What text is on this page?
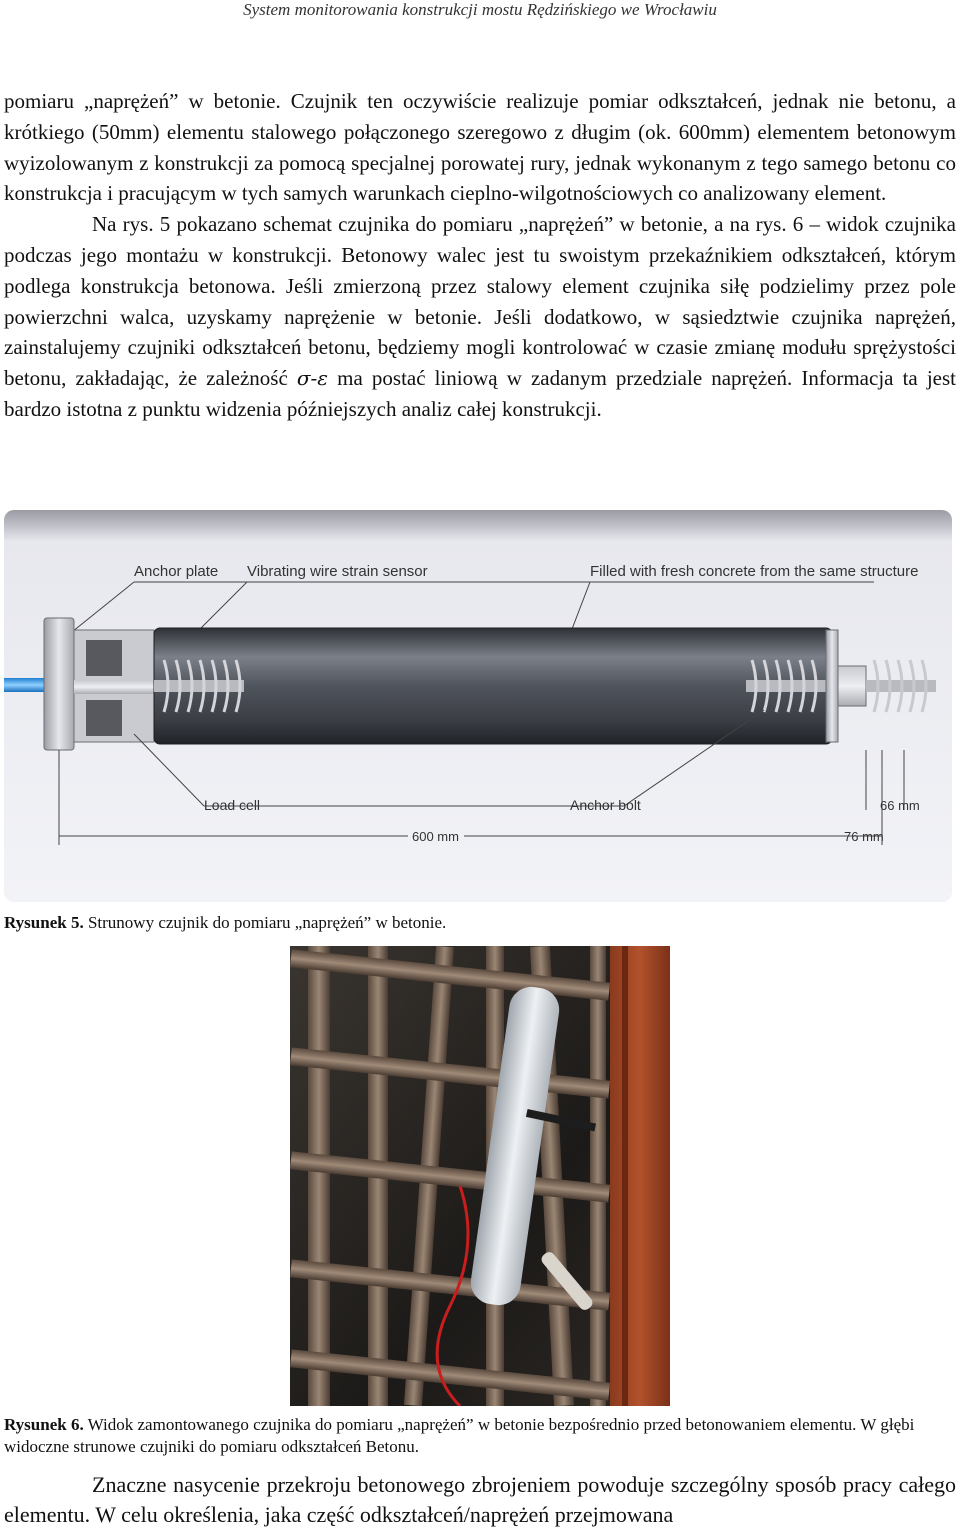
System monitorowania konstrukcji mostu Rędzińskiego we Wrocławiu

pomiaru „naprężeń” w betonie. Czujnik ten oczywiście realizuje pomiar odkształceń, jednak nie betonu, a krótkiego (50mm) elementu stalowego połączonego szeregowo z długim (ok. 600mm) elementem betonowym wyizolowanym z konstrukcji za pomocą specjalnej porowatej rury, jednak wykonanym z tego samego betonu co konstrukcja i pracującym w tych samych warunkach cieplno-wilgotnościowych co analizowany element.

Na rys. 5 pokazano schemat czujnika do pomiaru „naprężeń” w betonie, a na rys. 6 – widok czujnika podczas jego montażu w konstrukcji. Betonowy walec jest tu swoistym przekaźnikiem odkształceń, którym podlega konstrukcja betonowa. Jeśli zmierzoną przez stalowy element czujnika siłę podzielimy przez pole powierzchni walca, uzyskamy naprężenie w betonie. Jeśli dodatkowo, w sąsiedztwie czujnika naprężeń, zainstalujemy czujniki odkształceń betonu, będziemy mogli kontrolować w czasie zmianę modułu sprężystości betonu, zakładając, że zależność σ-ε ma postać liniową w zadanym przedziale naprężeń. Informacja ta jest bardzo istotna z punktu widzenia późniejszych analiz całej konstrukcji.

Anchor plate Vibrating wire strain sensor	Filled with fresh concrete from the same structure
Load cell	Anchor bolt
600 mm
66 mm
76 mm
Rysunek 5. Strunowy czujnik do pomiaru „naprężeń” w betonie.
Rysunek 6. Widok zamontowanego czujnika do pomiaru „naprężeń” w betonie bezpośrednio przed betonowaniem elementu. W głębi widoczne strunowe czujniki do pomiaru odkształceń Betonu.

Znaczne nasycenie przekroju betonowego zbrojeniem powoduje szczególny sposób pracy całego elementu. W celu określenia, jaka część odkształceń/naprężeń przejmowana
